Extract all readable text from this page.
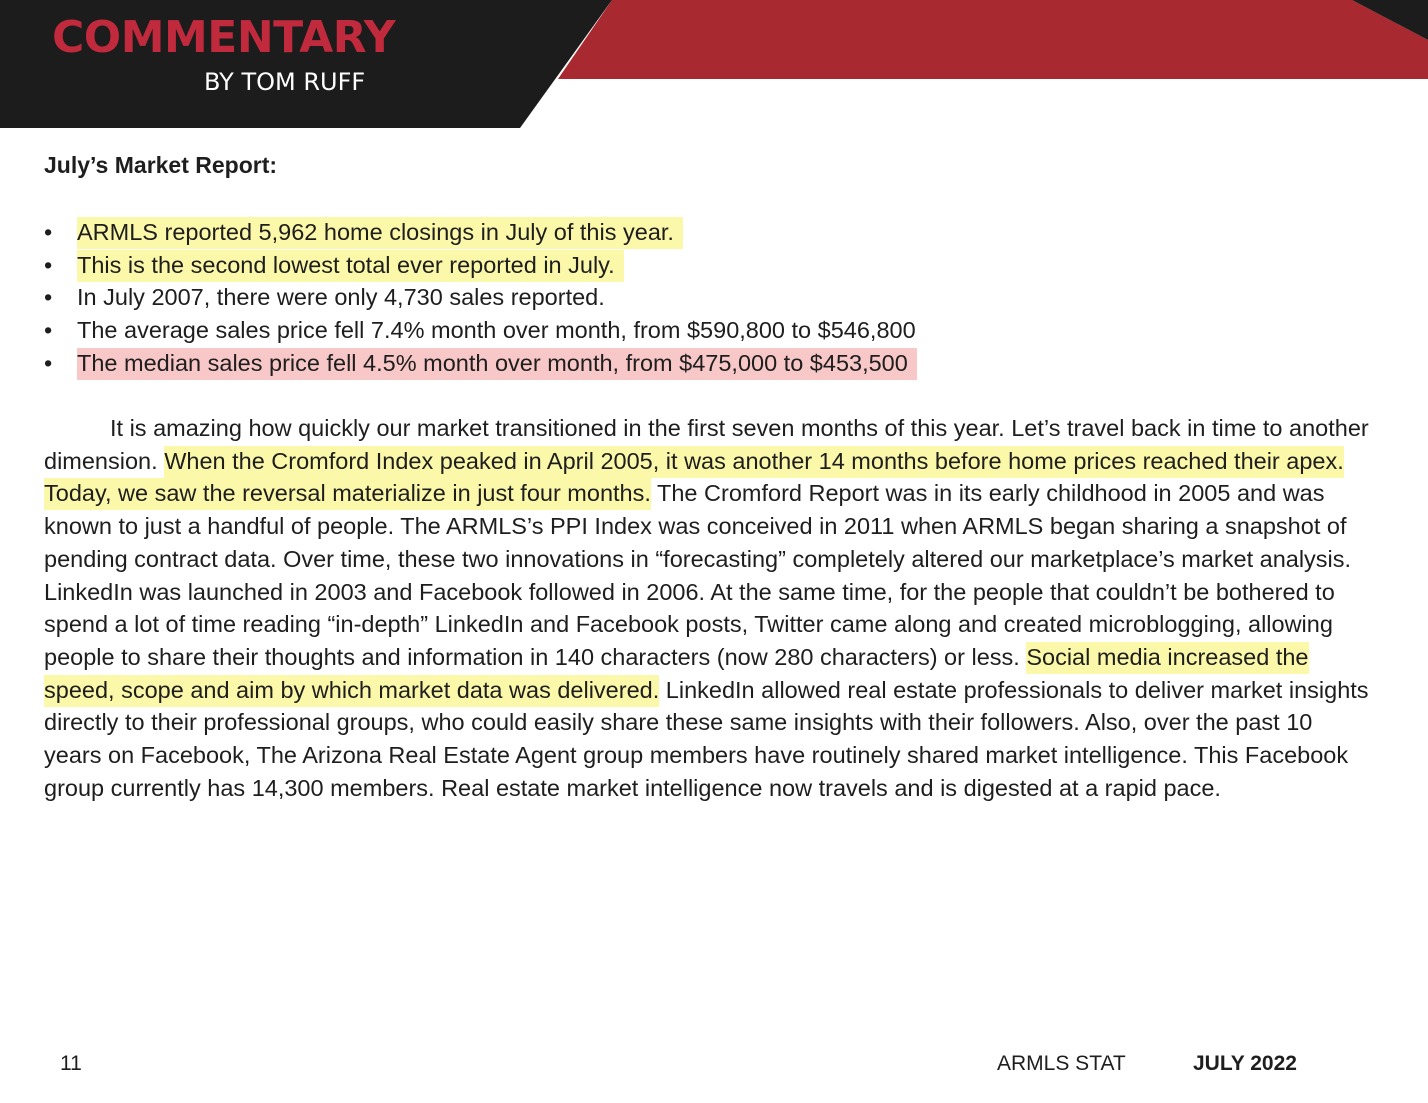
COMMENTARY
BY TOM RUFF
July’s Market Report:
• ARMLS reported 5,962 home closings in July of this year.
• This is the second lowest total ever reported in July.
• In July 2007, there were only 4,730 sales reported.
• The average sales price fell 7.4% month over month, from $590,800 to $546,800
• The median sales price fell 4.5% month over month, from $475,000 to $453,500

It is amazing how quickly our market transitioned in the first seven months of this year. Let’s travel back in time to another dimension. When the Cromford Index peaked in April 2005, it was another 14 months before home prices reached their apex. Today, we saw the reversal materialize in just four months. The Cromford Report was in its early childhood in 2005 and was known to just a handful of people. The ARMLS’s PPI Index was conceived in 2011 when ARMLS began sharing a snapshot of pending contract data. Over time, these two innovations in “forecasting” completely altered our marketplace’s market analysis. LinkedIn was launched in 2003 and Facebook followed in 2006. At the same time, for the people that couldn’t be bothered to spend a lot of time reading “in-depth” LinkedIn and Facebook posts, Twitter came along and created microblogging, allowing people to share their thoughts and information in 140 characters (now 280 characters) or less. Social media increased the speed, scope and aim by which market data was delivered. LinkedIn allowed real estate professionals to deliver market insights directly to their professional groups, who could easily share these same insights with their followers. Also, over the past 10 years on Facebook, The Arizona Real Estate Agent group members have routinely shared market intelligence. This Facebook group currently has 14,300 members. Real estate market intelligence now travels and is digested at a rapid pace.

11	ARMLS STAT	JULY 2022
